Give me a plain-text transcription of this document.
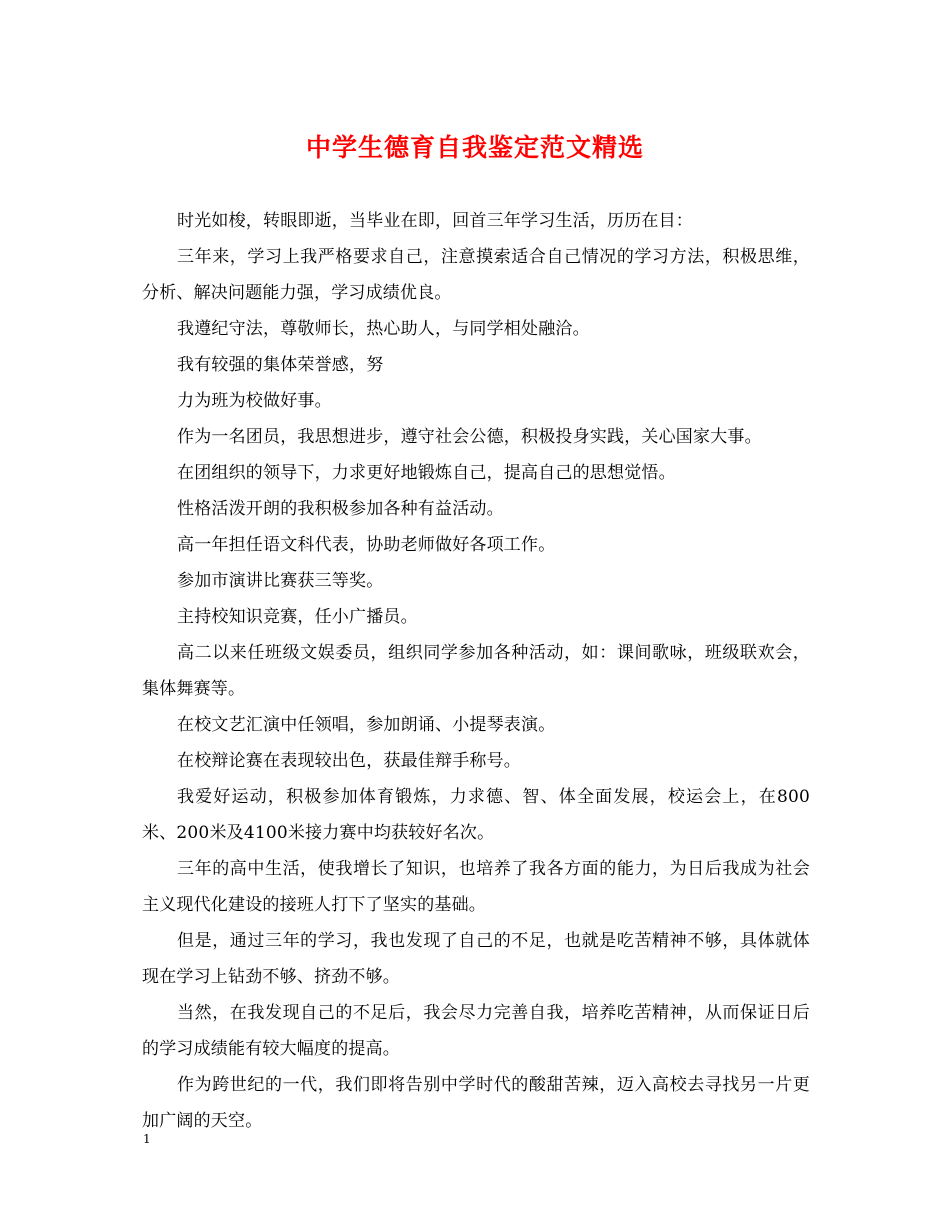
中学生德育自我鉴定范文精选

时光如梭，转眼即逝，当毕业在即，回首三年学习生活，历历在目：

三年来，学习上我严格要求自己，注意摸索适合自己情况的学习方法，积极思维，分析、解决问题能力强，学习成绩优良。

我遵纪守法，尊敬师长，热心助人，与同学相处融洽。

我有较强的集体荣誉感，努

力为班为校做好事。

作为一名团员，我思想进步，遵守社会公德，积极投身实践，关心国家大事。

在团组织的领导下，力求更好地锻炼自己，提高自己的思想觉悟。

性格活泼开朗的我积极参加各种有益活动。

高一年担任语文科代表，协助老师做好各项工作。

参加市演讲比赛获三等奖。

主持校知识竞赛，任小广播员。

高二以来任班级文娱委员，组织同学参加各种活动，如：课间歌咏，班级联欢会，集体舞赛等。

在校文艺汇演中任领唱，参加朗诵、小提琴表演。

在校辩论赛在表现较出色，获最佳辩手称号。

我爱好运动，积极参加体育锻炼，力求德、智、体全面发展，校运会上，在800米、200米及4100米接力赛中均获较好名次。

三年的高中生活，使我增长了知识，也培养了我各方面的能力，为日后我成为社会主义现代化建设的接班人打下了坚实的基础。

但是，通过三年的学习，我也发现了自己的不足，也就是吃苦精神不够，具体就体现在学习上钻劲不够、挤劲不够。

当然，在我发现自己的不足后，我会尽力完善自我，培养吃苦精神，从而保证日后的学习成绩能有较大幅度的提高。

作为跨世纪的一代，我们即将告别中学时代的酸甜苦辣，迈入高校去寻找另一片更加广阔的天空。

1
